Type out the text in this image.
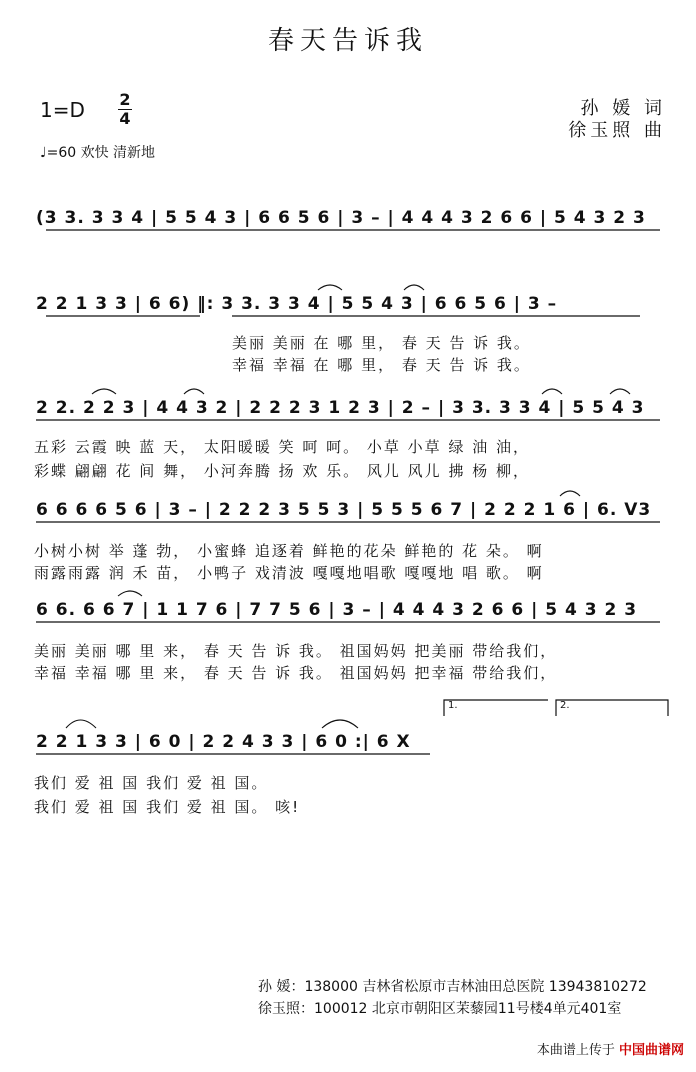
春天告诉我
1=D 2
4
♩=60 欢快 清新地
孙 媛 词
徐玉照 曲
(3 3. 3 3 4 | 5 5 4 3 | 6 6 5 6 | 3 – | 4 4 4 3 2 6 6 | 5 4 3 2 3
2 2 1 3 3 | 6 6) ‖: 3 3. 3 3 4 | 5 5 4 3 | 6 6 5 6 | 3 –
美丽 美丽 在 哪 里， 春 天 告 诉 我。
幸福 幸福 在 哪 里， 春 天 告 诉 我。
2 2. 2 2 3 | 4 4 3 2 | 2 2 2 3 1 2 3 | 2 – | 3 3. 3 3 4 | 5 5 4 3
五彩 云霞 映 蓝 天， 太阳暖暖 笑 呵 呵。 小草 小草 绿 油 油，
彩蝶 翩翩 花 间 舞， 小河奔腾 扬 欢 乐。 风儿 风儿 拂 杨 柳，
6 6 6 6 5 6 | 3 – | 2 2 2 3 5 5 3 | 5 5 5 6 7 | 2 2 2 1 6 | 6. V3
小树小树 举 蓬 勃， 小蜜蜂 追逐着 鲜艳的花朵 鲜艳的 花 朵。 啊
雨露雨露 润 禾 苗， 小鸭子 戏清波 嘎嘎地唱歌 嘎嘎地 唱 歌。 啊
6 6. 6 6 7 | 1 1 7 6 | 7 7 5 6 | 3 – | 4 4 4 3 2 6 6 | 5 4 3 2 3
美丽 美丽 哪 里 来， 春 天 告 诉 我。 祖国妈妈 把美丽 带给我们，
幸福 幸福 哪 里 来， 春 天 告 诉 我。 祖国妈妈 把幸福 带给我们，
1.	2.
2 2 1 3 3 | 6 0 | 2 2 4 3 3 | 6 0 :| 6 X
我们 爱 祖 国 我们 爱 祖 国。
我们 爱 祖 国 我们 爱 祖 国。 咳!
孙 媛：138000 吉林省松原市吉林油田总医院 13943810272
徐玉照：100012 北京市朝阳区茉藜园11号楼4单元401室
本曲谱上传于 中国曲谱网
